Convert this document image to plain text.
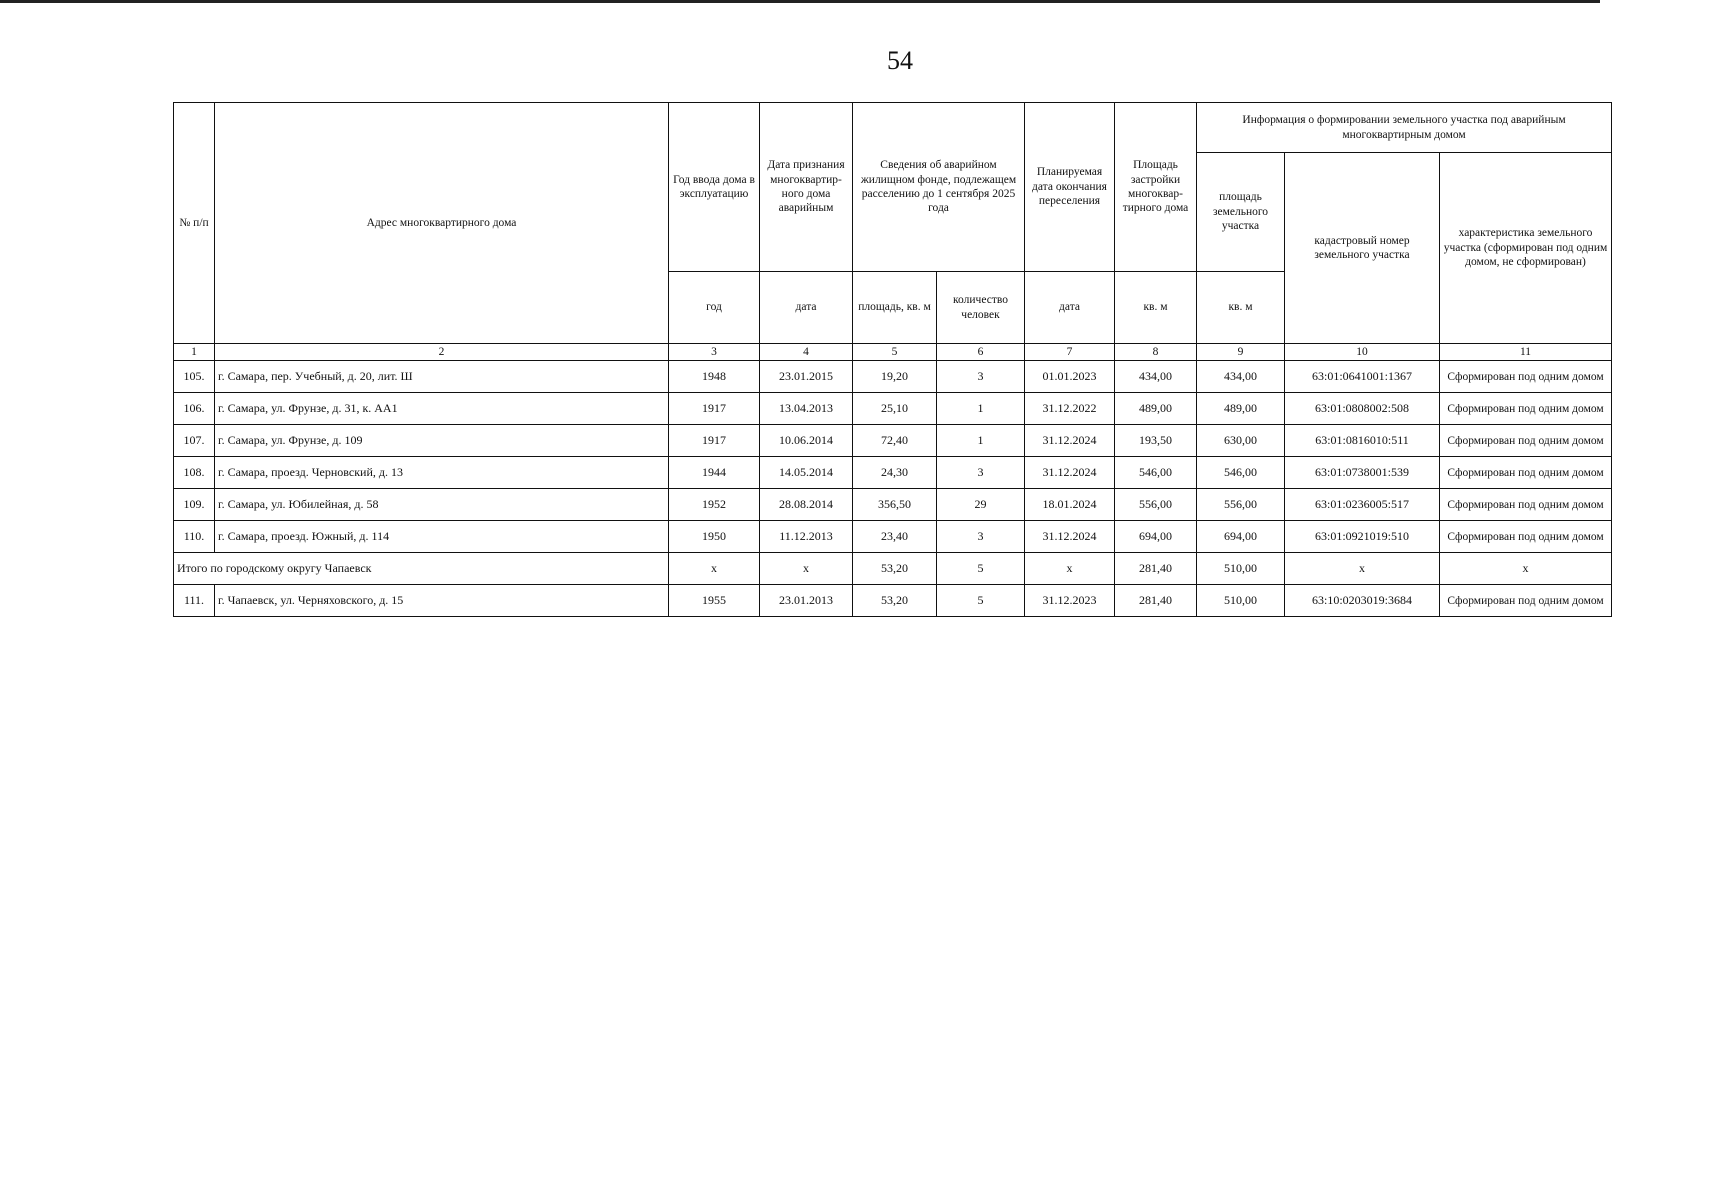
54
№ п/п	Адрес многоквартирного дома	Год ввода дома в эксплуатацию	Дата признания многоквартир-ного дома аварийным	Сведения об аварийном жилищном фонде, подлежащем расселению до 1 сентября 2025 года		Планируемая дата окончания переселения	Площадь застройки многоквар-тирного дома	Информация о формировании земельного участка под аварийным многоквартирным домом		
								площадь земельного участка	кадастровый номер земельного участка	характеристика земельного участка (сформирован под одним домом, не сформирован)
		год	дата	площадь, кв. м	количество человек	дата	кв. м	кв. м		
1	2	3	4	5	6	7	8	9	10	11
105.	г. Самара, пер. Учебный, д. 20, лит. Ш	1948	23.01.2015	19,20	3	01.01.2023	434,00	434,00	63:01:0641001:1367	Сформирован под одним домом
106.	г. Самара, ул. Фрунзе, д. 31, к. АА1	1917	13.04.2013	25,10	1	31.12.2022	489,00	489,00	63:01:0808002:508	Сформирован под одним домом
107.	г. Самара, ул. Фрунзе, д. 109	1917	10.06.2014	72,40	1	31.12.2024	193,50	630,00	63:01:0816010:511	Сформирован под одним домом
108.	г. Самара, проезд. Черновский, д. 13	1944	14.05.2014	24,30	3	31.12.2024	546,00	546,00	63:01:0738001:539	Сформирован под одним домом
109.	г. Самара, ул. Юбилейная, д. 58	1952	28.08.2014	356,50	29	18.01.2024	556,00	556,00	63:01:0236005:517	Сформирован под одним домом
110.	г. Самара, проезд. Южный, д. 114	1950	11.12.2013	23,40	3	31.12.2024	694,00	694,00	63:01:0921019:510	Сформирован под одним домом
Итого по городскому округу Чапаевск		х	х	53,20	5	х	281,40	510,00	х	х
111.	г. Чапаевск, ул. Черняховского, д. 15	1955	23.01.2013	53,20	5	31.12.2023	281,40	510,00	63:10:0203019:3684	Сформирован под одним домом
